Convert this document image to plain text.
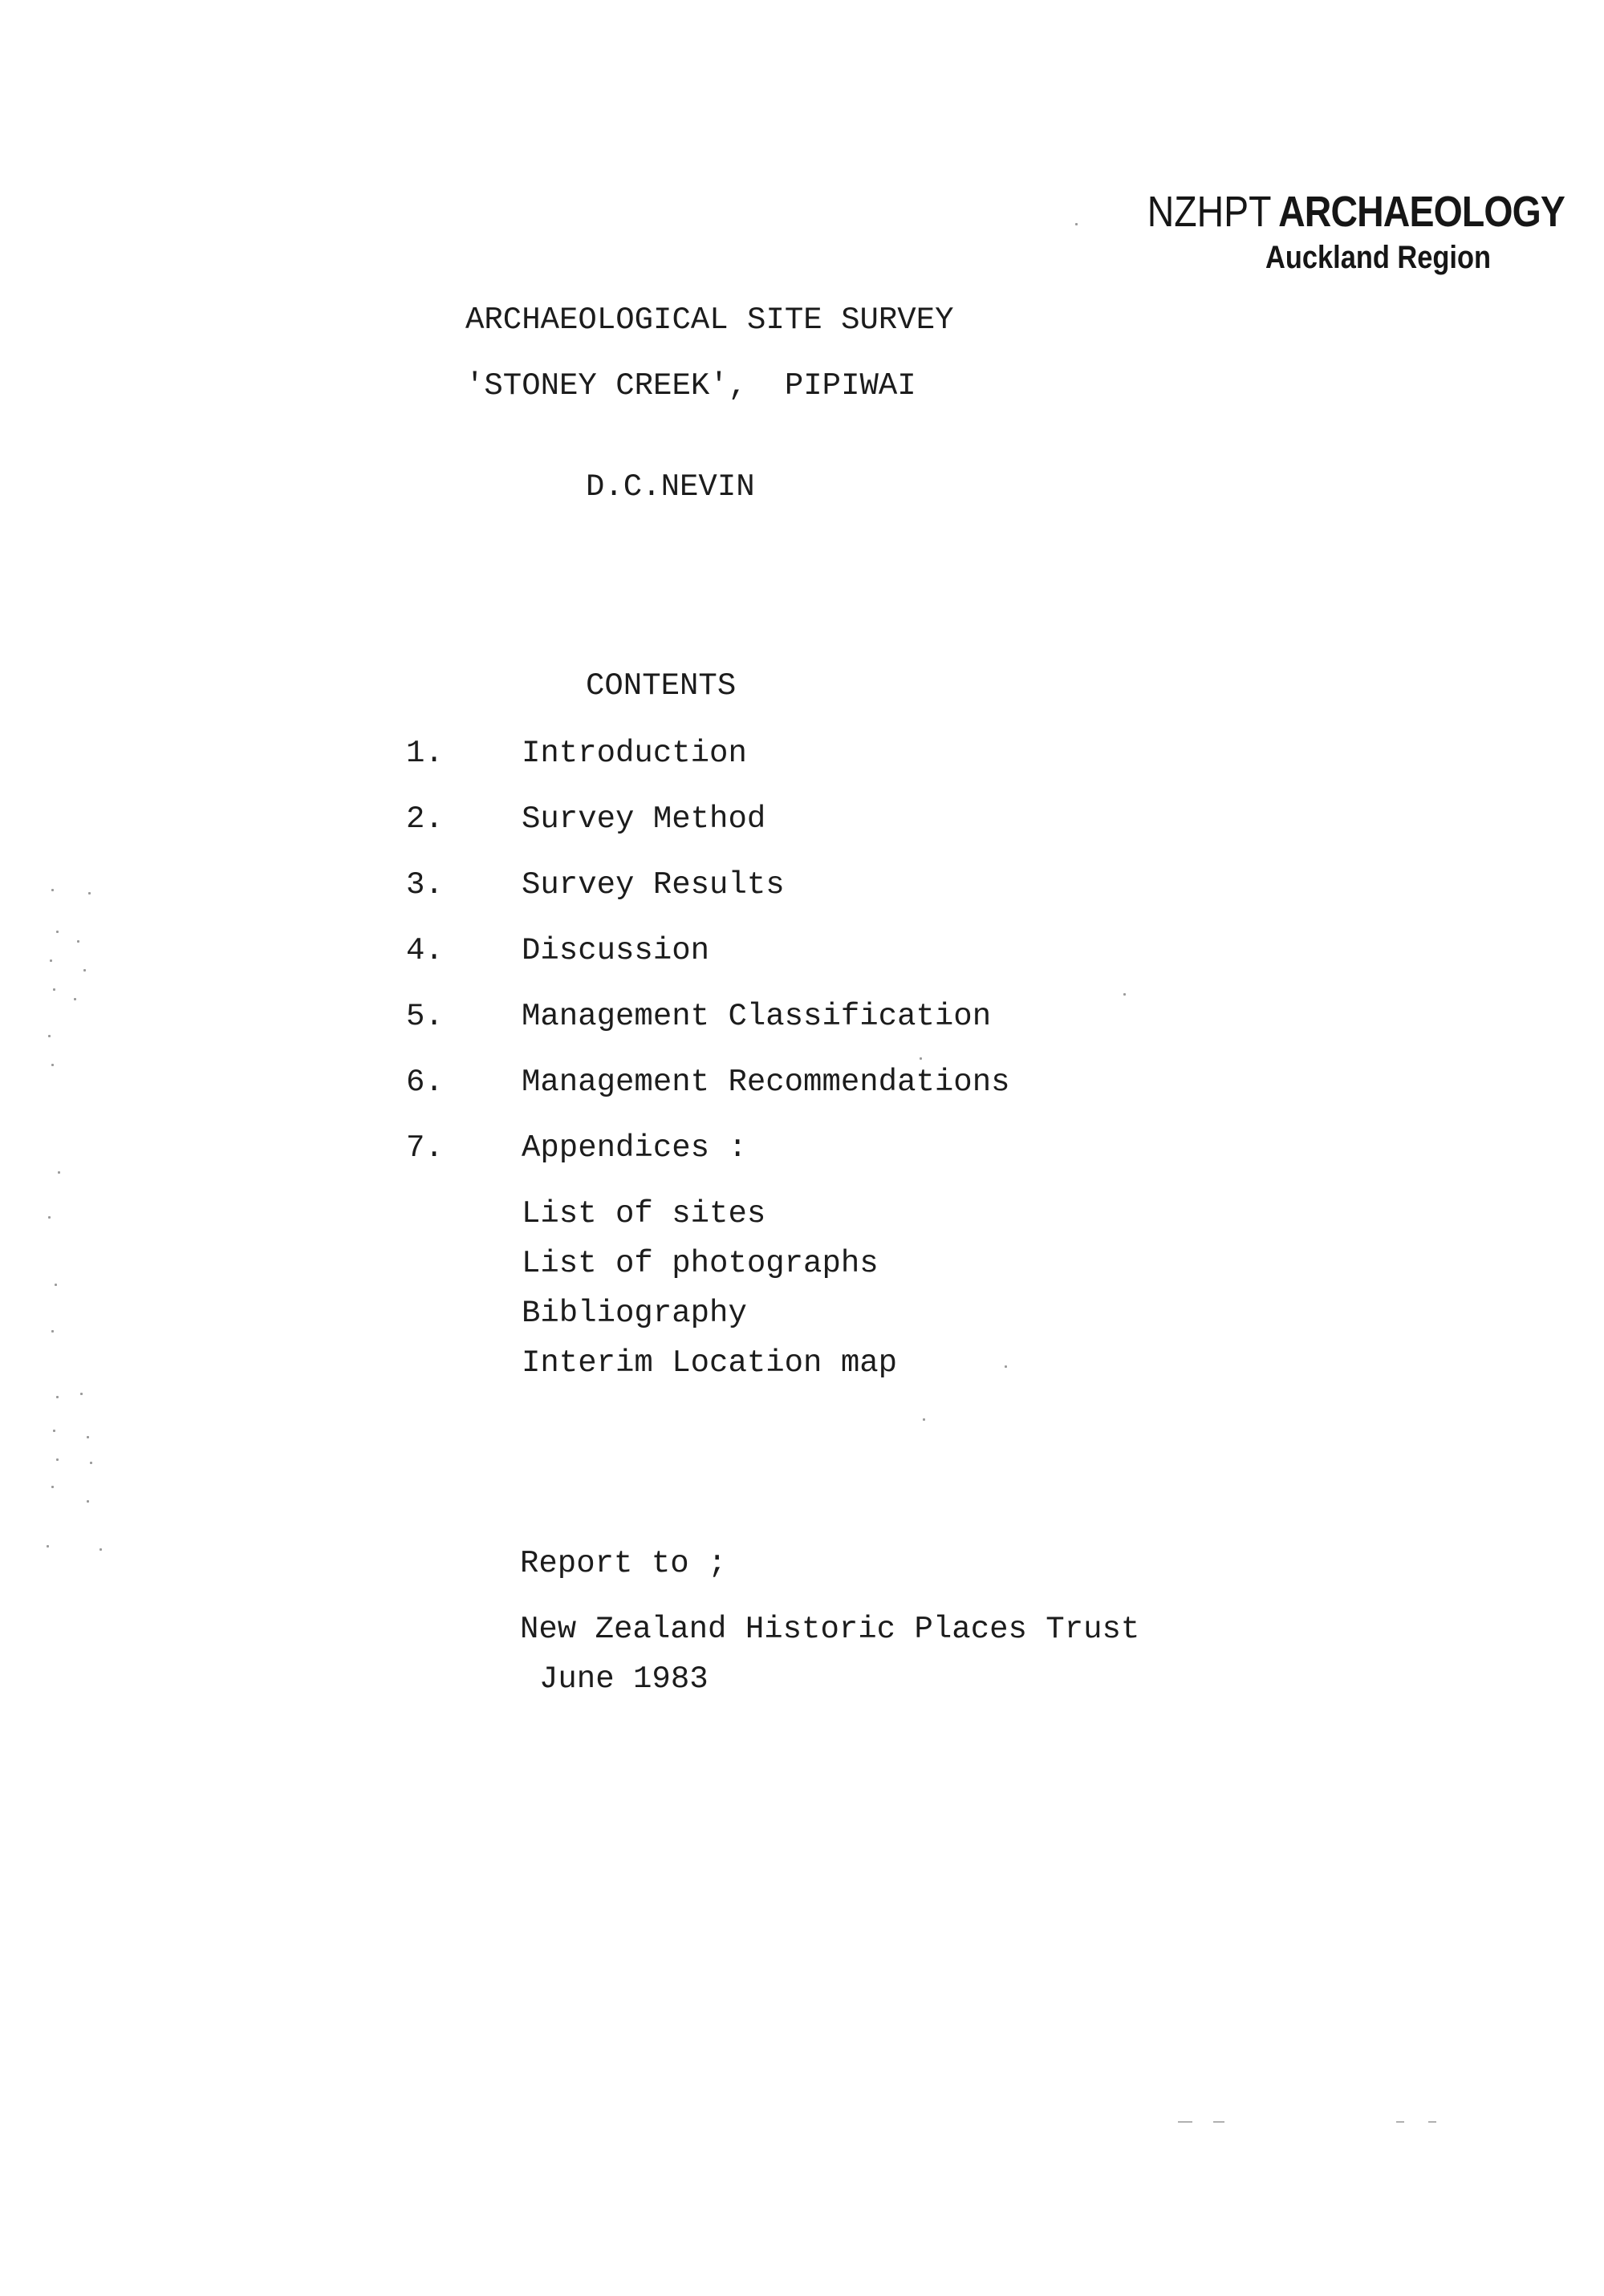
NZHPT ARCHAEOLOGY
Auckland Region
ARCHAEOLOGICAL SITE SURVEY
'STONEY CREEK',  PIPIWAI
D.C.NEVIN
CONTENTS
1. Introduction
2. Survey Method
3. Survey Results
4. Discussion
5. Management Classification
6. Management Recommendations
7. Appendices :
List of sites
List of photographs
Bibliography
Interim Location map
Report to ;
New Zealand Historic Places Trust
June 1983
